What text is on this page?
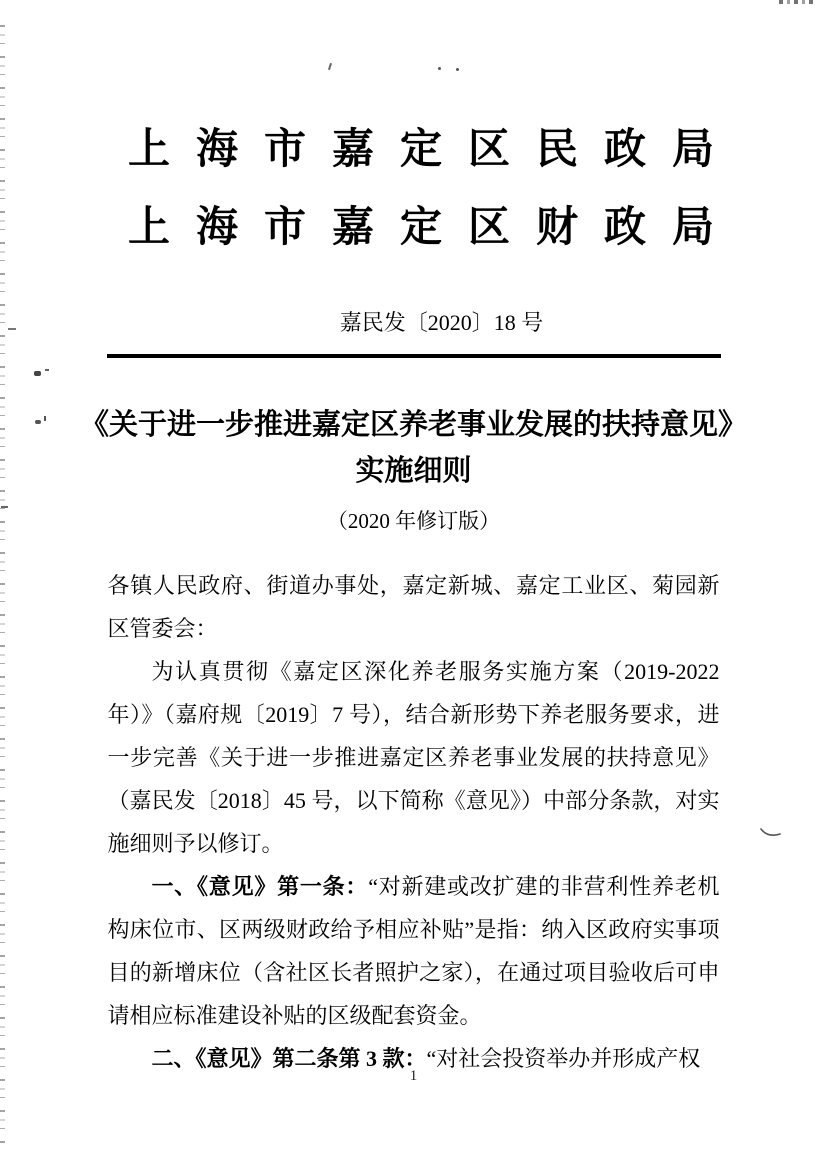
上海市嘉定区民政局
上海市嘉定区财政局
嘉民发〔2020〕18 号
《关于进一步推进嘉定区养老事业发展的扶持意见》
实施细则
（2020 年修订版）

各镇人民政府、街道办事处，嘉定新城、嘉定工业区、菊园新区管委会：

为认真贯彻《嘉定区深化养老服务实施方案（2019-2022 年）》（嘉府规〔2019〕7 号），结合新形势下养老服务要求，进一步完善《关于进一步推进嘉定区养老事业发展的扶持意见》（嘉民发〔2018〕45 号，以下简称《意见》）中部分条款，对实施细则予以修订。

一、《意见》第一条：“对新建或改扩建的非营利性养老机构床位市、区两级财政给予相应补贴”是指：纳入区政府实事项目的新增床位（含社区长者照护之家），在通过项目验收后可申请相应标准建设补贴的区级配套资金。

二、《意见》第二条第 3 款：“对社会投资举办并形成产权

1
